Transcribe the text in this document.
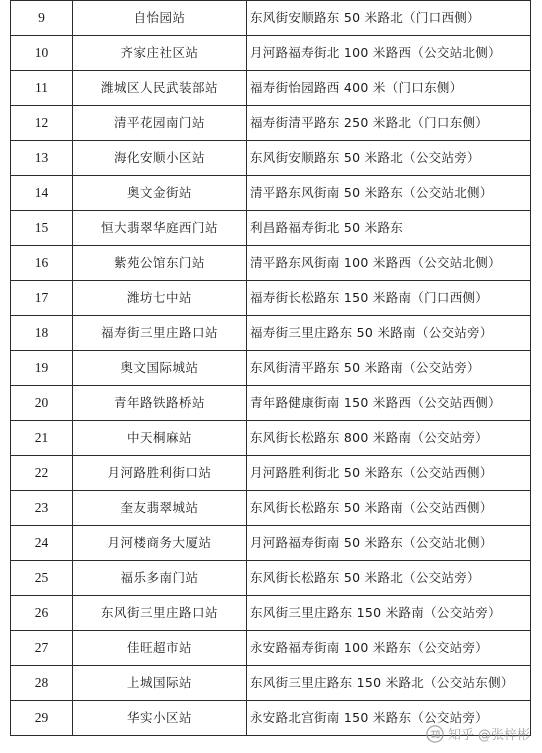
9	自怡园站	东风街安顺路东 50 米路北（门口西侧）
10	齐家庄社区站	月河路福寿街北 100 米路西（公交站北侧）
11	潍城区人民武装部站	福寿街怡园路西 400 米（门口东侧）
12	清平花园南门站	福寿街清平路东 250 米路北（门口东侧）
13	海化安顺小区站	东风街安顺路东 50 米路北（公交站旁）
14	奥文金街站	清平路东风街南 50 米路东（公交站北侧）
15	恒大翡翠华庭西门站	利昌路福寿街北 50 米路东
16	紫苑公馆东门站	清平路东风街南 100 米路西（公交站北侧）
17	潍坊七中站	福寿街长松路东 150 米路南（门口西侧）
18	福寿街三里庄路口站	福寿街三里庄路东 50 米路南（公交站旁）
19	奥文国际城站	东风街清平路东 50 米路南（公交站旁）
20	青年路铁路桥站	青年路健康街南 150 米路西（公交站西侧）
21	中天桐麻站	东风街长松路东 800 米路南（公交站旁）
22	月河路胜利街口站	月河路胜利街北 50 米路东（公交站西侧）
23	奎友翡翠城站	东风街长松路东 50 米路南（公交站西侧）
24	月河楼商务大厦站	月河路福寿街南 50 米路东（公交站北侧）
25	福乐多南门站	东风街长松路东 50 米路北（公交站旁）
26	东风街三里庄路口站	东风街三里庄路东 150 米路南（公交站旁）
27	佳旺超市站	永安路福寿街南 100 米路东（公交站旁）
28	上城国际站	东风街三里庄路东 150 米路北（公交站东侧）
29	华实小区站	永安路北宫街南 150 米路东（公交站旁）
知乎 @张梓彬
